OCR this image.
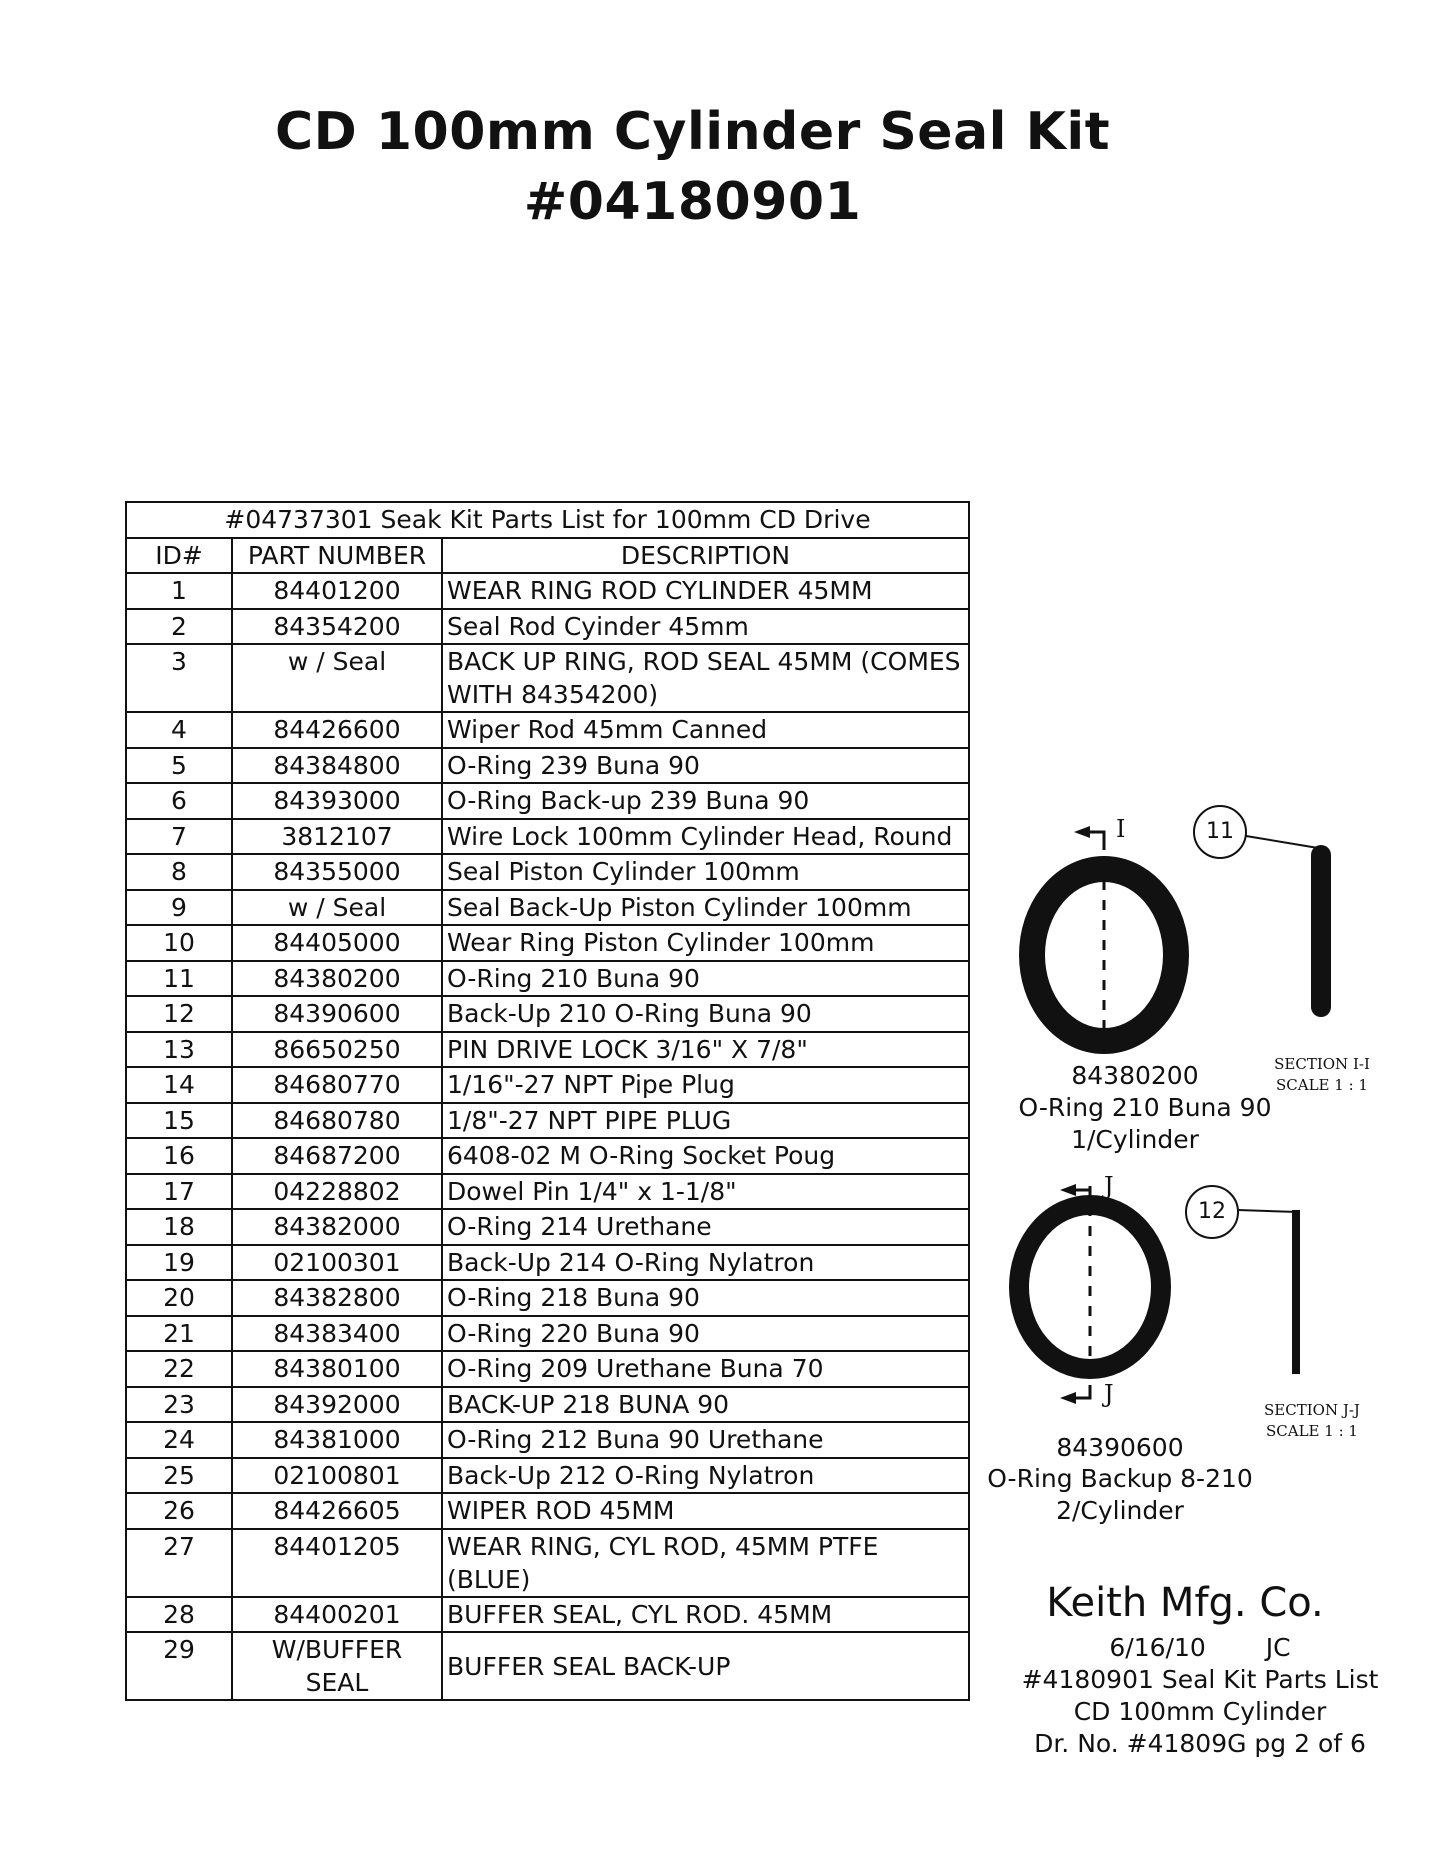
CD 100mm Cylinder Seal Kit
#04180901
#04737301 Seak Kit Parts List for 100mm CD Drive		
ID#	PART NUMBER	DESCRIPTION
1	84401200	WEAR RING ROD CYLINDER 45MM
2	84354200	Seal Rod Cyinder 45mm
3	w / Seal	BACK UP RING, ROD SEAL 45MM (COMES
WITH 84354200)
4	84426600	Wiper Rod 45mm Canned
5	84384800	O-Ring 239 Buna 90
6	84393000	O-Ring Back-up 239 Buna 90
7	3812107	Wire Lock 100mm Cylinder Head, Round
8	84355000	Seal Piston Cylinder 100mm
9	w / Seal	Seal Back-Up Piston Cylinder 100mm
10	84405000	Wear Ring Piston Cylinder 100mm
11	84380200	O-Ring 210 Buna 90
12	84390600	Back-Up 210 O-Ring Buna 90
13	86650250	PIN DRIVE LOCK 3/16" X 7/8"
14	84680770	1/16"-27 NPT Pipe Plug
15	84680780	1/8"-27 NPT PIPE PLUG
16	84687200	6408-02 M O-Ring Socket Poug
17	04228802	Dowel Pin 1/4" x 1-1/8"
18	84382000	O-Ring 214 Urethane
19	02100301	Back-Up 214 O-Ring Nylatron
20	84382800	O-Ring 218 Buna 90
21	84383400	O-Ring 220 Buna 90
22	84380100	O-Ring 209 Urethane Buna 70
23	84392000	BACK-UP 218 BUNA 90
24	84381000	O-Ring 212 Buna 90 Urethane
25	02100801	Back-Up 212 O-Ring Nylatron
26	84426605	WIPER ROD 45MM
27	84401205	WEAR RING, CYL ROD, 45MM PTFE (BLUE)
28	84400201	BUFFER SEAL, CYL ROD. 45MM
29	W/BUFFER SEAL	BUFFER SEAL BACK-UP
I
I
11
84380200
O-Ring 210 Buna 90
1/Cylinder
SECTION I-I
SCALE 1 : 1
J
J
12
84390600
O-Ring Backup 8-210
2/Cylinder
SECTION J-J
SCALE 1 : 1
Keith Mfg. Co.
6/16/10 JC
#4180901 Seal Kit Parts List
CD 100mm Cylinder
Dr. No. #41809G pg 2 of 6
